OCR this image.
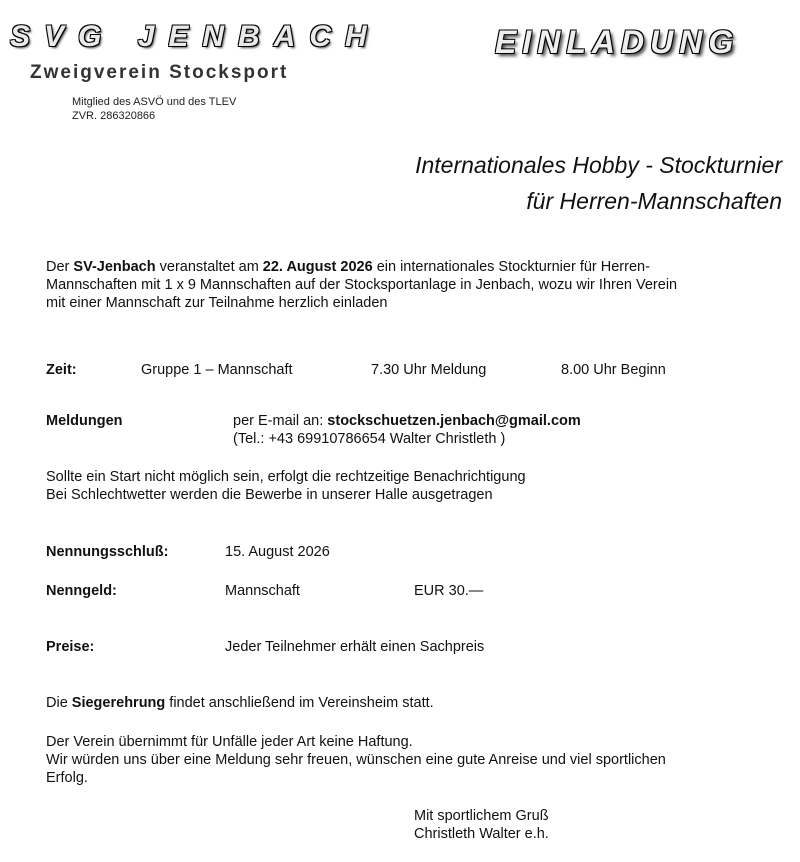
SVG JENBACH
Zweigverein Stocksport
Mitglied des ASVÖ und des TLEV
ZVR. 286320866
EINLADUNG
Internationales Hobby - Stockturnier
für Herren-Mannschaften
Der SV-Jenbach veranstaltet am 22. August 2026 ein internationales Stockturnier für Herren-
Mannschaften mit 1 x 9 Mannschaften auf der Stocksportanlage in Jenbach, wozu wir Ihren Verein
mit einer Mannschaft zur Teilnahme herzlich einladen
Zeit:	Gruppe 1 – Mannschaft	7.30 Uhr Meldung	8.00 Uhr Beginn
Meldungen	per E-mail an: stockschuetzen.jenbach@gmail.com
(Tel.: +43 69910786654 Walter Christleth )
Sollte ein Start nicht möglich sein, erfolgt die rechtzeitige Benachrichtigung
Bei Schlechtwetter werden die Bewerbe in unserer Halle ausgetragen
Nennungsschluß:	15. August 2026
Nenngeld:	Mannschaft	EUR 30.—
Preise:	Jeder Teilnehmer erhält einen Sachpreis
Die Siegerehrung findet anschließend im Vereinsheim statt.
Der Verein übernimmt für Unfälle jeder Art keine Haftung.
Wir würden uns über eine Meldung sehr freuen, wünschen eine gute Anreise und viel sportlichen
Erfolg.
Mit sportlichem Gruß
Christleth Walter e.h.
